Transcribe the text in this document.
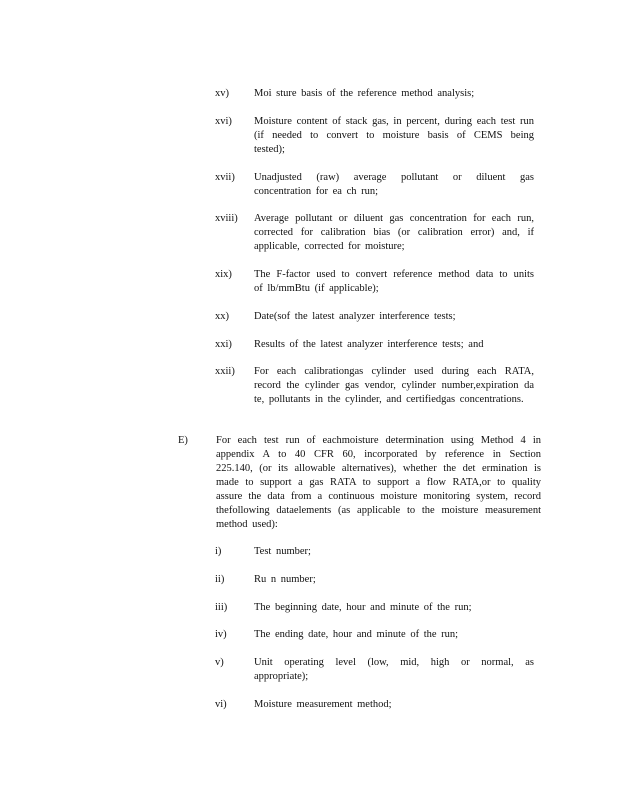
xv) Moi sture basis of the reference method analysis;
xvi) Moisture content of stack gas, in percent, during each test run (if needed to convert to moisture basis of CEMS being tested);
xvii) Unadjusted (raw) average pollutant or diluent gas concentration for ea ch run;
xviii) Average pollutant or diluent gas concentration for each run, corrected for calibration bias (or calibration error) and, if applicable, corrected for moisture;
xix) The F-factor used to convert reference method data to units of lb/mmBtu (if applicable);
xx) Date(sof the latest analyzer interference tests;
xxi) Results of the latest analyzer interference tests; and
xxii) For each calibrationgas cylinder used during each RATA, record the cylinder gas vendor, cylinder number,expiration da te, pollutants in the cylinder, and certifiedgas concentrations.
E)	For each test run of eachmoisture determination using Method 4 in appendix A to 40 CFR 60, incorporated by reference in Section 225.140, (or its allowable alternatives), whether the det ermination is made to support a gas RATA to support a flow RATA,or to quality assure the data from a continuous moisture monitoring system, record thefollowing dataelements (as applicable to the moisture measurement method used):
i)	Test number;
ii)	Ru n number;
iii)	The beginning date, hour and minute of the run;
iv)	The ending date, hour and minute of the run;
v)	Unit operating level (low, mid, high or normal, as appropriate);
vi)	Moisture measurement method;
